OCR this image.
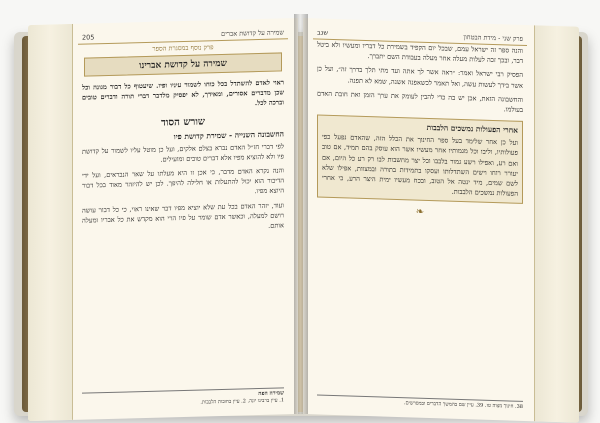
שמירה על קדושת אברים
205
פרק נוסף במסגרת הספר
שמירה על קדושת אברינו

ראוי לאדם להשתדל בכל כוחו לשמור עיניו ופיו. שיעטוף כל דבור מגונה וכל שכן מדברים אסורים, ומאידך, לא יפסיק מלדבר דברי תורה ודברים טובים וברכה לכל.

שורש הסוד
החשבונה השנייה - שמירת קדושת פיו

לפי דברי חז״ל האדם נברא בצלם אלקים, ועל כן מוטל עליו לשמור על קדושת פיו ולא להוציא מפיו אלא דברים טובים ומועילים.

והנה נקרא האדם מדבר, כי אכן זו היא מעלתו על שאר הנבראים, ועל ידי הדיבור הוא יכול להתעלות או חלילה להיפך. לכן יש להיזהר מאוד בכל דבור היוצא מפיו.

ועוד, יזהר האדם בכל עת שלא יוציא מפיו דבר שאינו ראוי, כי כל דבור עושה רושם למעלה, וכאשר אדם שומר על פיו הרי הוא מקדש את כל אבריו ומעלה אותם.

שמירה הפה
1. עיין ברבינו יונה. 2. עיין בחובות הלבבות.
פרק שני - מידת הבטחון
שנב

והנה ספר זה ישראל עמם, שבכל יום הקפיד בשמירת כל דבריו ומעשיו ולא ביטל דבר, ובכך זכה לעלות מעלה אחר מעלה בעבודת השם יתברך.

הפסיק רבי ישראל ואמר: ״ראה אשר לך אתה ועד מתי תלך בדרך זה״, ועל כן אשר בידך לעשות עשה, ואל תאמר לכשאפנה אשנה, שמא לא תפנה.

והחשבונה הזאת, אכן יש בה כדי להבין לעומק את ערך הזמן ואת חובת האדם בעולמו.

אחרי הפעולות נמשכים הלבבות

ועל כן אחר שלימד בעל ספר החינוך את הכלל הזה, שהאדם נפעל כפי פעולותיו, וליבו וכל מגמותיו אחר מעשיו אשר הוא עוסק בהם תמיד, אם טוב ואם רע, ואפילו רשע גמור בלבבו וכל יצר מחשבות לבו רק רע כל היום, אם יעורר רוחו וישים השתדלותו ועסקו בתמידות בתורה ובמצוות, אפילו שלא לשם שמים, מיד ינטה אל הטוב, ובכח מעשיו ימית היצר הרע, כי אחרי הפעולות נמשכים הלבבות.

❧
38. חינוך מצוה טז. 39. עיין שם בהמשך הדברים ובמפרשים.
